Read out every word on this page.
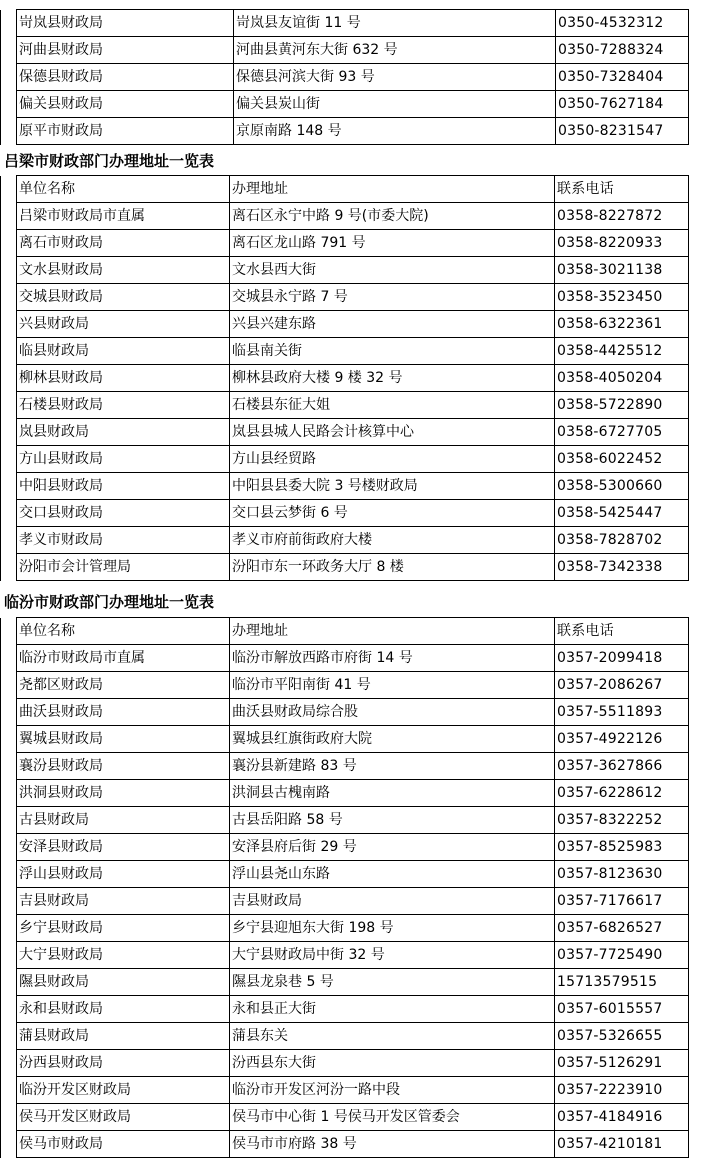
	岢岚县财政局	岢岚县友谊街 11 号	0350-4532312
	河曲县财政局	河曲县黄河东大街 632 号	0350-7288324
	保德县财政局	保德县河滨大街 93 号	0350-7328404
	偏关县财政局	偏关县炭山街	0350-7627184
	原平市财政局	京原南路 148 号	0350-8231547
吕梁市财政部门办理地址一览表
	单位名称	办理地址	联系电话
	吕梁市财政局市直属	离石区永宁中路 9 号(市委大院)	0358-8227872
	离石市财政局	离石区龙山路 791 号	0358-8220933
	文水县财政局	文水县西大街	0358-3021138
	交城县财政局	交城县永宁路 7 号	0358-3523450
	兴县财政局	兴县兴建东路	0358-6322361
	临县财政局	临县南关街	0358-4425512
	柳林县财政局	柳林县政府大楼 9 楼 32 号	0358-4050204
	石楼县财政局	石楼县东征大姐	0358-5722890
	岚县财政局	岚县县城人民路会计核算中心	0358-6727705
	方山县财政局	方山县经贸路	0358-6022452
	中阳县财政局	中阳县县委大院 3 号楼财政局	0358-5300660
	交口县财政局	交口县云梦街 6 号	0358-5425447
	孝义市财政局	孝义市府前街政府大楼	0358-7828702
	汾阳市会计管理局	汾阳市东一环政务大厅 8 楼	0358-7342338
临汾市财政部门办理地址一览表
	单位名称	办理地址	联系电话
	临汾市财政局市直属	临汾市解放西路市府街 14 号	0357-2099418
	尧都区财政局	临汾市平阳南街 41 号	0357-2086267
	曲沃县财政局	曲沃县财政局综合股	0357-5511893
	翼城县财政局	翼城县红旗街政府大院	0357-4922126
	襄汾县财政局	襄汾县新建路 83 号	0357-3627866
	洪洞县财政局	洪洞县古槐南路	0357-6228612
	古县财政局	古县岳阳路 58 号	0357-8322252
	安泽县财政局	安泽县府后街 29 号	0357-8525983
	浮山县财政局	浮山县尧山东路	0357-8123630
	吉县财政局	吉县财政局	0357-7176617
	乡宁县财政局	乡宁县迎旭东大街 198 号	0357-6826527
	大宁县财政局	大宁县财政局中街 32 号	0357-7725490
	隰县财政局	隰县龙泉巷 5 号	15713579515
	永和县财政局	永和县正大街	0357-6015557
	蒲县财政局	蒲县东关	0357-5326655
	汾西县财政局	汾西县东大街	0357-5126291
	临汾开发区财政局	临汾市开发区河汾一路中段	0357-2223910
	侯马开发区财政局	侯马市中心街 1 号侯马开发区管委会	0357-4184916
	侯马市财政局	侯马市市府路 38 号	0357-4210181
